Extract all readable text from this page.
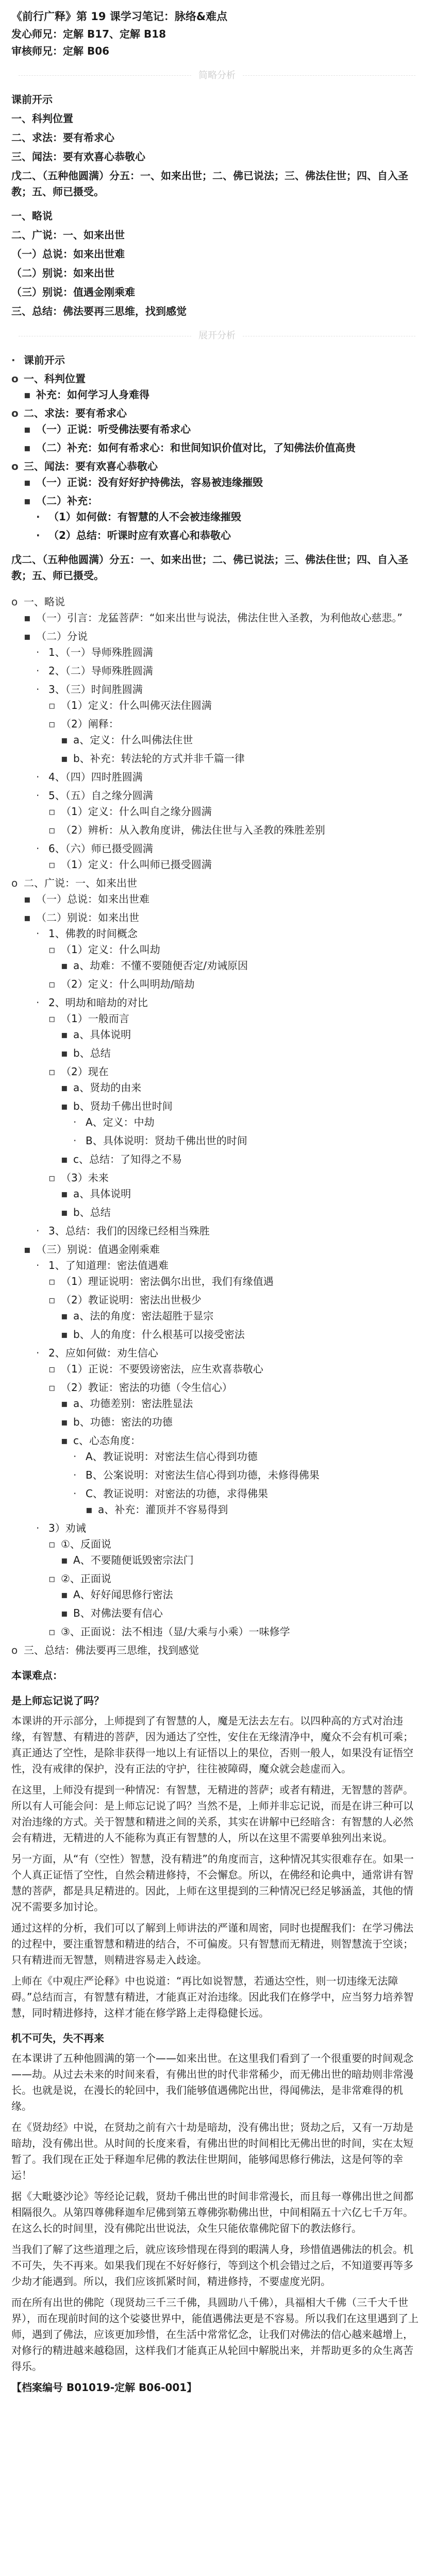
《前行广释》第 19 课学习笔记：脉络&难点

发心师兄：定解 B17、定解 B18

审核师兄：定解 B06

简略分析

课前开示

一、科判位置

二、求法：要有希求心

三、闻法：要有欢喜心恭敬心

戊二、（五种他圆满）分五：一、如来出世；二、佛已说法；三、佛法住世；四、自入圣教；五、师已摄受。

一、略说

二、广说：一、如来出世

（一）总说：如来出世难

（二）别说：如来出世

（三）别说：值遇金刚乘难

三、总结：佛法要再三思维，找到感觉

展开分析
· 课前开示
o 一、科判位置
▪ 补充：如何学习人身难得
o 二、求法：要有希求心
▪ （一）正说：听受佛法要有希求心
▪ （二）补充：如何有希求心：和世间知识价值对比，了知佛法价值高贵
o 三、闻法：要有欢喜心恭敬心
▪ （一）正说：没有好好护持佛法，容易被违缘摧毁
▪ （二）补充：
· （1）如何做：有智慧的人不会被违缘摧毁
· （2）总结：听课时应有欢喜心和恭敬心

戊二、（五种他圆满）分五：一、如来出世；二、佛已说法；三、佛法住世；四、自入圣教；五、师已摄受。

o 一、略说
▪ （一）引言：龙猛菩萨：“如来出世与说法，佛法住世入圣教，为利他故心慈悲。”
▪ （二）分说
· 1、（一）导师殊胜圆满
· 2、（二）导师殊胜圆满
· 3、（三）时间胜圆满
▫ （1）定义：什么叫佛灭法住圆满
▫ （2）阐释：
▪ a、定义：什么叫佛法住世
▪ b、补充：转法轮的方式并非千篇一律
· 4、（四）四时胜圆满
· 5、（五）自之缘分圆满
▫ （1）定义：什么叫自之缘分圆满
▫ （2）辨析：从入教角度讲，佛法住世与入圣教的殊胜差别
· 6、（六）师已摄受圆满
▫ （1）定义：什么叫师已摄受圆满
o 二、广说：一、如来出世
▪ （一）总说：如来出世难
▪ （二）别说：如来出世
· 1、佛教的时间概念
▫ （1）定义：什么叫劫
▪ a、劫难：不懂不要随便否定/劝诫原因
▫ （2）定义：什么叫明劫/暗劫
· 2、明劫和暗劫的对比
▫ （1）一般而言
▪ a、具体说明
▪ b、总结
▫ （2）现在
▪ a、贤劫的由来
▪ b、贤劫千佛出世时间
· A、定义：中劫
· B、具体说明：贤劫千佛出世的时间
▪ c、总结：了知得之不易
▫ （3）未来
▪ a、具体说明
▪ b、总结
· 3、总结：我们的因缘已经相当殊胜
▪ （三）别说：值遇金刚乘难
· 1、了知道理：密法值遇难
▫ （1）理证说明：密法偶尔出世，我们有缘值遇
▫ （2）教证说明：密法出世极少
▪ a、法的角度：密法超胜于显宗
▪ b、人的角度：什么根基可以接受密法
· 2、应如何做：劝生信心
▫ （1）正说：不要毁谤密法，应生欢喜恭敬心
▫ （2）教证：密法的功德（令生信心）
▪ a、功德差别：密法胜显法
▪ b、功德：密法的功德
▪ c、心态角度：
· A、教证说明：对密法生信心得到功德
· B、公案说明：对密法生信心得到功德，未修得佛果
· C、教证说明：对密法的功德，求得佛果
▪ a、补充：灌顶并不容易得到
· 3）劝诫
▫ ①、反面说
▪ A、不要随便诋毁密宗法门
▫ ②、正面说
▪ A、好好闻思修行密法
▪ B、对佛法要有信心
▫ ③、正面说：法不相违（显/大乘与小乘）一味修学
o 三、总结：佛法要再三思维，找到感觉

本课难点：

是上师忘记说了吗？

本课讲的开示部分，上师提到了有智慧的人，魔是无法去左右。以四种高的方式对治违缘，有智慧、有精进的菩萨，因为通达了空性，安住在无缘清净中，魔众不会有机可乘；真正通达了空性，是除非获得一地以上有证悟以上的果位，否则一般人，如果没有证悟空性，没有戒律的保护，没有正法的守护，往往被障碍，魔众就会趁虚而入。

在这里，上师没有提到一种情况：有智慧，无精进的菩萨；或者有精进，无智慧的菩萨。所以有人可能会问：是上师忘记说了吗？当然不是，上师并非忘记说，而是在讲三种可以对治违缘的方式。关于智慧和精进之间的关系，其实在讲解中已经暗含：有智慧的人必然会有精进，无精进的人不能称为真正有智慧的人，所以在这里不需要单独列出来说。

另一方面，从“有（空性）智慧，没有精进”的角度而言，这种情况其实很难存在。如果一个人真正证悟了空性，自然会精进修持，不会懈怠。所以，在佛经和论典中，通常讲有智慧的菩萨，都是具足精进的。因此，上师在这里提到的三种情况已经足够涵盖，其他的情况不需要多加讨论。

通过这样的分析，我们可以了解到上师讲法的严谨和周密，同时也提醒我们：在学习佛法的过程中，要注重智慧和精进的结合，不可偏废。只有智慧而无精进，则智慧流于空谈；只有精进而无智慧，则精进容易走入歧途。

上师在《中观庄严论释》中也说道：“再比如说智慧，若通达空性，则一切违缘无法障碍。”总结而言，有智慧有精进，才能真正对治违缘。因此我们在修学中，应当努力培养智慧，同时精进修持，这样才能在修学路上走得稳健长远。

机不可失，失不再来

在本课讲了五种他圆满的第一个——如来出世。在这里我们看到了一个很重要的时间观念——劫。从过去未来的时间来看，有佛出世的时代非常稀少，而无佛出世的暗劫则非常漫长。也就是说，在漫长的轮回中，我们能够值遇佛陀出世，得闻佛法，是非常难得的机缘。

在《贤劫经》中说，在贤劫之前有六十劫是暗劫，没有佛出世；贤劫之后，又有一万劫是暗劫，没有佛出世。从时间的长度来看，有佛出世的时间相比无佛出世的时间，实在太短暂了。我们现在正处于释迦牟尼佛的教法住世期间，能够闻思修行佛法，这是何等的幸运！

据《大毗婆沙论》等经论记载，贤劫千佛出世的时间非常漫长，而且每一尊佛出世之间都相隔很久。从第四尊佛释迦牟尼佛到第五尊佛弥勒佛出世，中间相隔五十六亿七千万年。在这么长的时间里，没有佛陀出世说法，众生只能依靠佛陀留下的教法修行。

当我们了解了这些道理之后，就应该珍惜现在得到的暇满人身，珍惜值遇佛法的机会。机不可失，失不再来。如果我们现在不好好修行，等到这个机会错过之后，不知道要再等多少劫才能遇到。所以，我们应该抓紧时间，精进修持，不要虚度光阴。

而在所有出世的佛陀（现贤劫三千三千佛，具圆助八千佛），具福相大千佛（三千大千世界），而在现前时间的这个娑婆世界中，能值遇佛法更是不容易。所以我们在这里遇到了上师，遇到了佛法，应该更加珍惜，在生活中常常忆念，让我们对佛法的信心越来越增上，对修行的精进越来越稳固，这样我们才能真正从轮回中解脱出来，并帮助更多的众生离苦得乐。

【档案编号 B01019-定解 B06-001】
